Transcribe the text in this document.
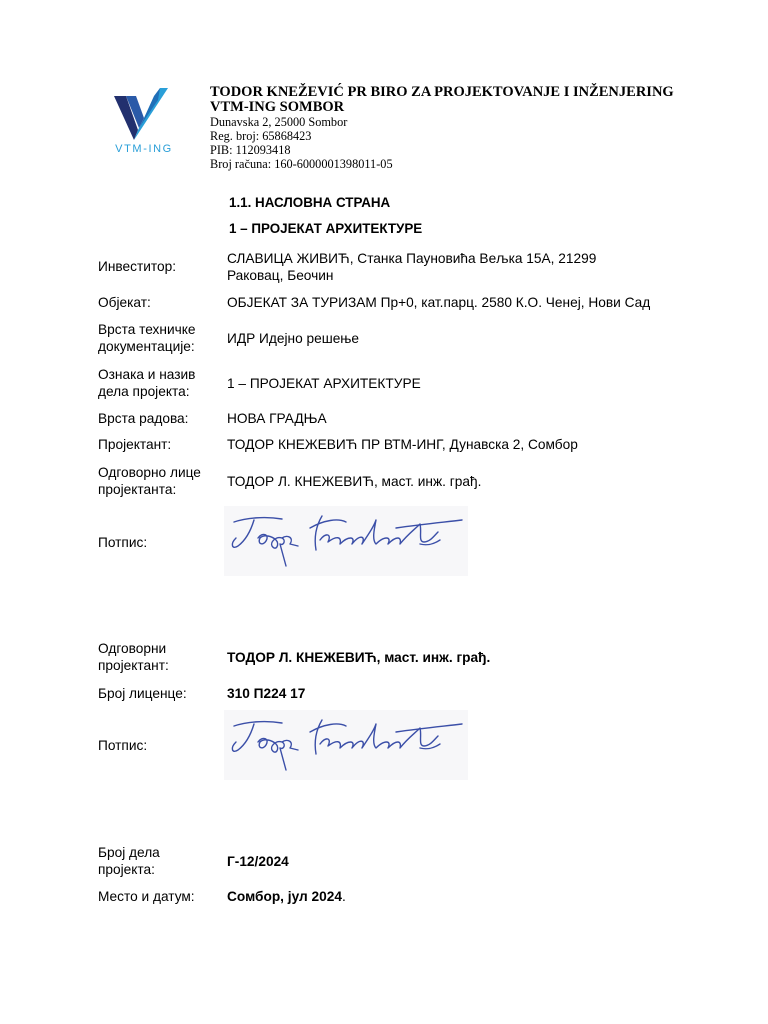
VTM-ING
TODOR KNEŽEVIĆ PR BIRO ZA PROJEKTOVANJE I INŽENJERING
VTM-ING SOMBOR
Dunavska 2, 25000 Sombor
Reg. broj: 65868423
PIB: 112093418
Broj računa: 160-6000001398011-05
1.1. НАСЛОВНА СТРАНА
1 – ПРОЈЕКАТ АРХИТЕКТУРЕ
Инвеститор:
СЛАВИЦА ЖИВИЋ, Станка Пауновића Вељка 15А, 21299
Раковац, Беочин
Објекат:	ОБЈЕКАТ ЗА ТУРИЗАМ Пр+0, кат.парц. 2580 К.О. Ченеј, Нови Сад
Врста техничке
документације:
ИДР Идејно решење
Ознака и назив
дела пројекта:
1 – ПРОЈЕКАТ АРХИТЕКТУРЕ
Врста радова:	НОВА ГРАДЊА
Пројектант:	ТОДОР КНЕЖЕВИЋ ПР ВТМ-ИНГ, Дунавска 2, Сомбор
Одговорно лице
пројектанта:
ТОДОР Л. КНЕЖЕВИЋ, маст. инж. грађ.
Потпис:
Одговорни
пројектант:
ТОДОР Л. КНЕЖЕВИЋ, маст. инж. грађ.
Број лиценце:	310 П224 17
Потпис:
Број дела
пројекта:
Г-12/2024
Место и датум: Сомбор, јул 2024.
